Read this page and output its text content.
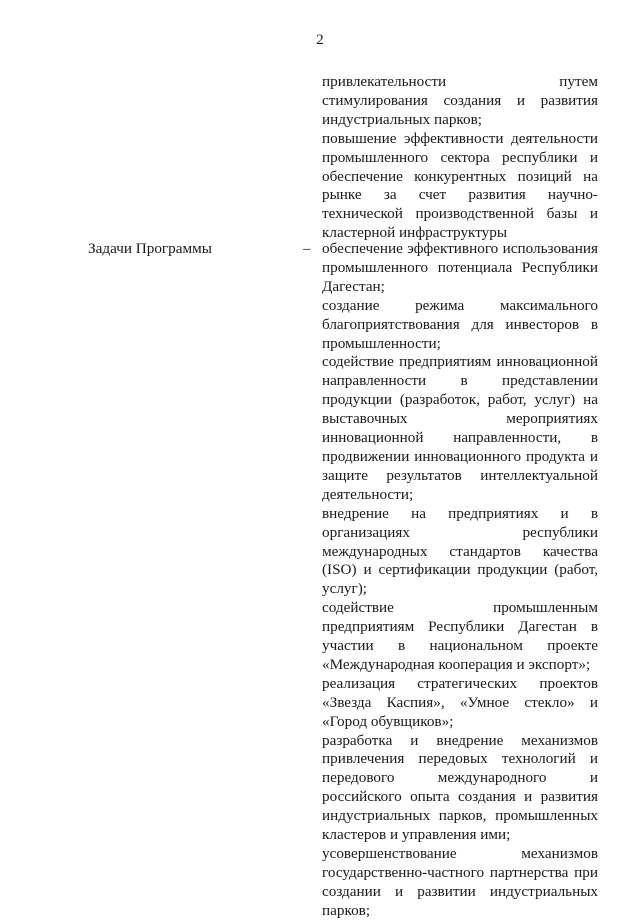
2

привлекательности путем стимулирования создания и развития индустриальных парков;

повышение эффективности деятельности промышленного сектора республики и обеспечение конкурентных позиций на рынке за счет развития научно-технической производственной базы и кластерной инфраструктуры

Задачи Программы	– обеспечение эффективного использования промышленного потенциала Республики Дагестан;

создание режима максимального благоприятствования для инвесторов в промышленности;

содействие предприятиям инновационной направленности в представлении продукции (разработок, работ, услуг) на выставочных мероприятиях инновационной направленности, в продвижении инновационного продукта и защите результатов интеллектуальной деятельности;

внедрение на предприятиях и в организациях республики международных стандартов качества (ISO) и сертификации продукции (работ, услуг);

содействие промышленным предприятиям Республики Дагестан в участии в национальном проекте «Международная кооперация и экспорт»;

реализация стратегических проектов «Звезда Каспия», «Умное стекло» и «Город обувщиков»;

разработка и внедрение механизмов привлечения передовых технологий и передового международного и российского опыта создания и развития индустриальных парков, промышленных кластеров и управления ими;

усовершенствование механизмов государственно-частного партнерства при создании и развитии индустриальных парков;
